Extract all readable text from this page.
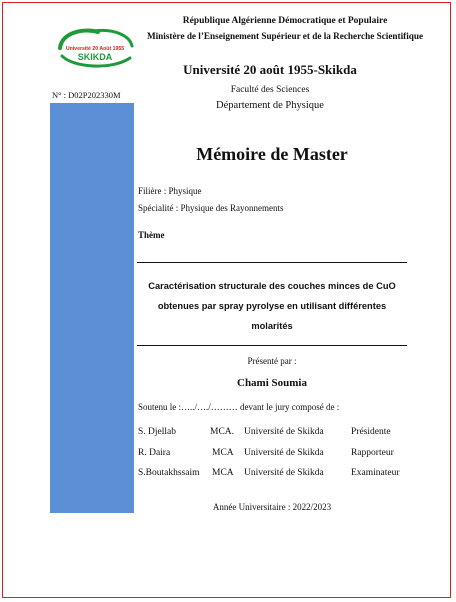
Université 20 Août 1955
SKIKDA
République Algérienne Démocratique et Populaire
Ministère de l’Enseignement Supérieur et de la Recherche Scientifique
Université 20 août 1955-Skikda
Faculté des Sciences
Département de Physique
N° : D02P202330M
Mémoire de Master
Filière : Physique
Spécialité : Physique des Rayonnements
Thème
Caractérisation structurale des couches minces de CuO
obtenues par spray pyrolyse en utilisant différentes
molarités
Présenté par :
Chami Soumia
Soutenu le :…../…./……… devant le jury composé de :
S. Djellab	MCA. Université de Skikda	Présidente
R. Daira	MCA Université de Skikda	Rapporteur
S.Boutakhssaim MCA Université de Skikda	Examinateur
Année Universitaire : 2022/2023
